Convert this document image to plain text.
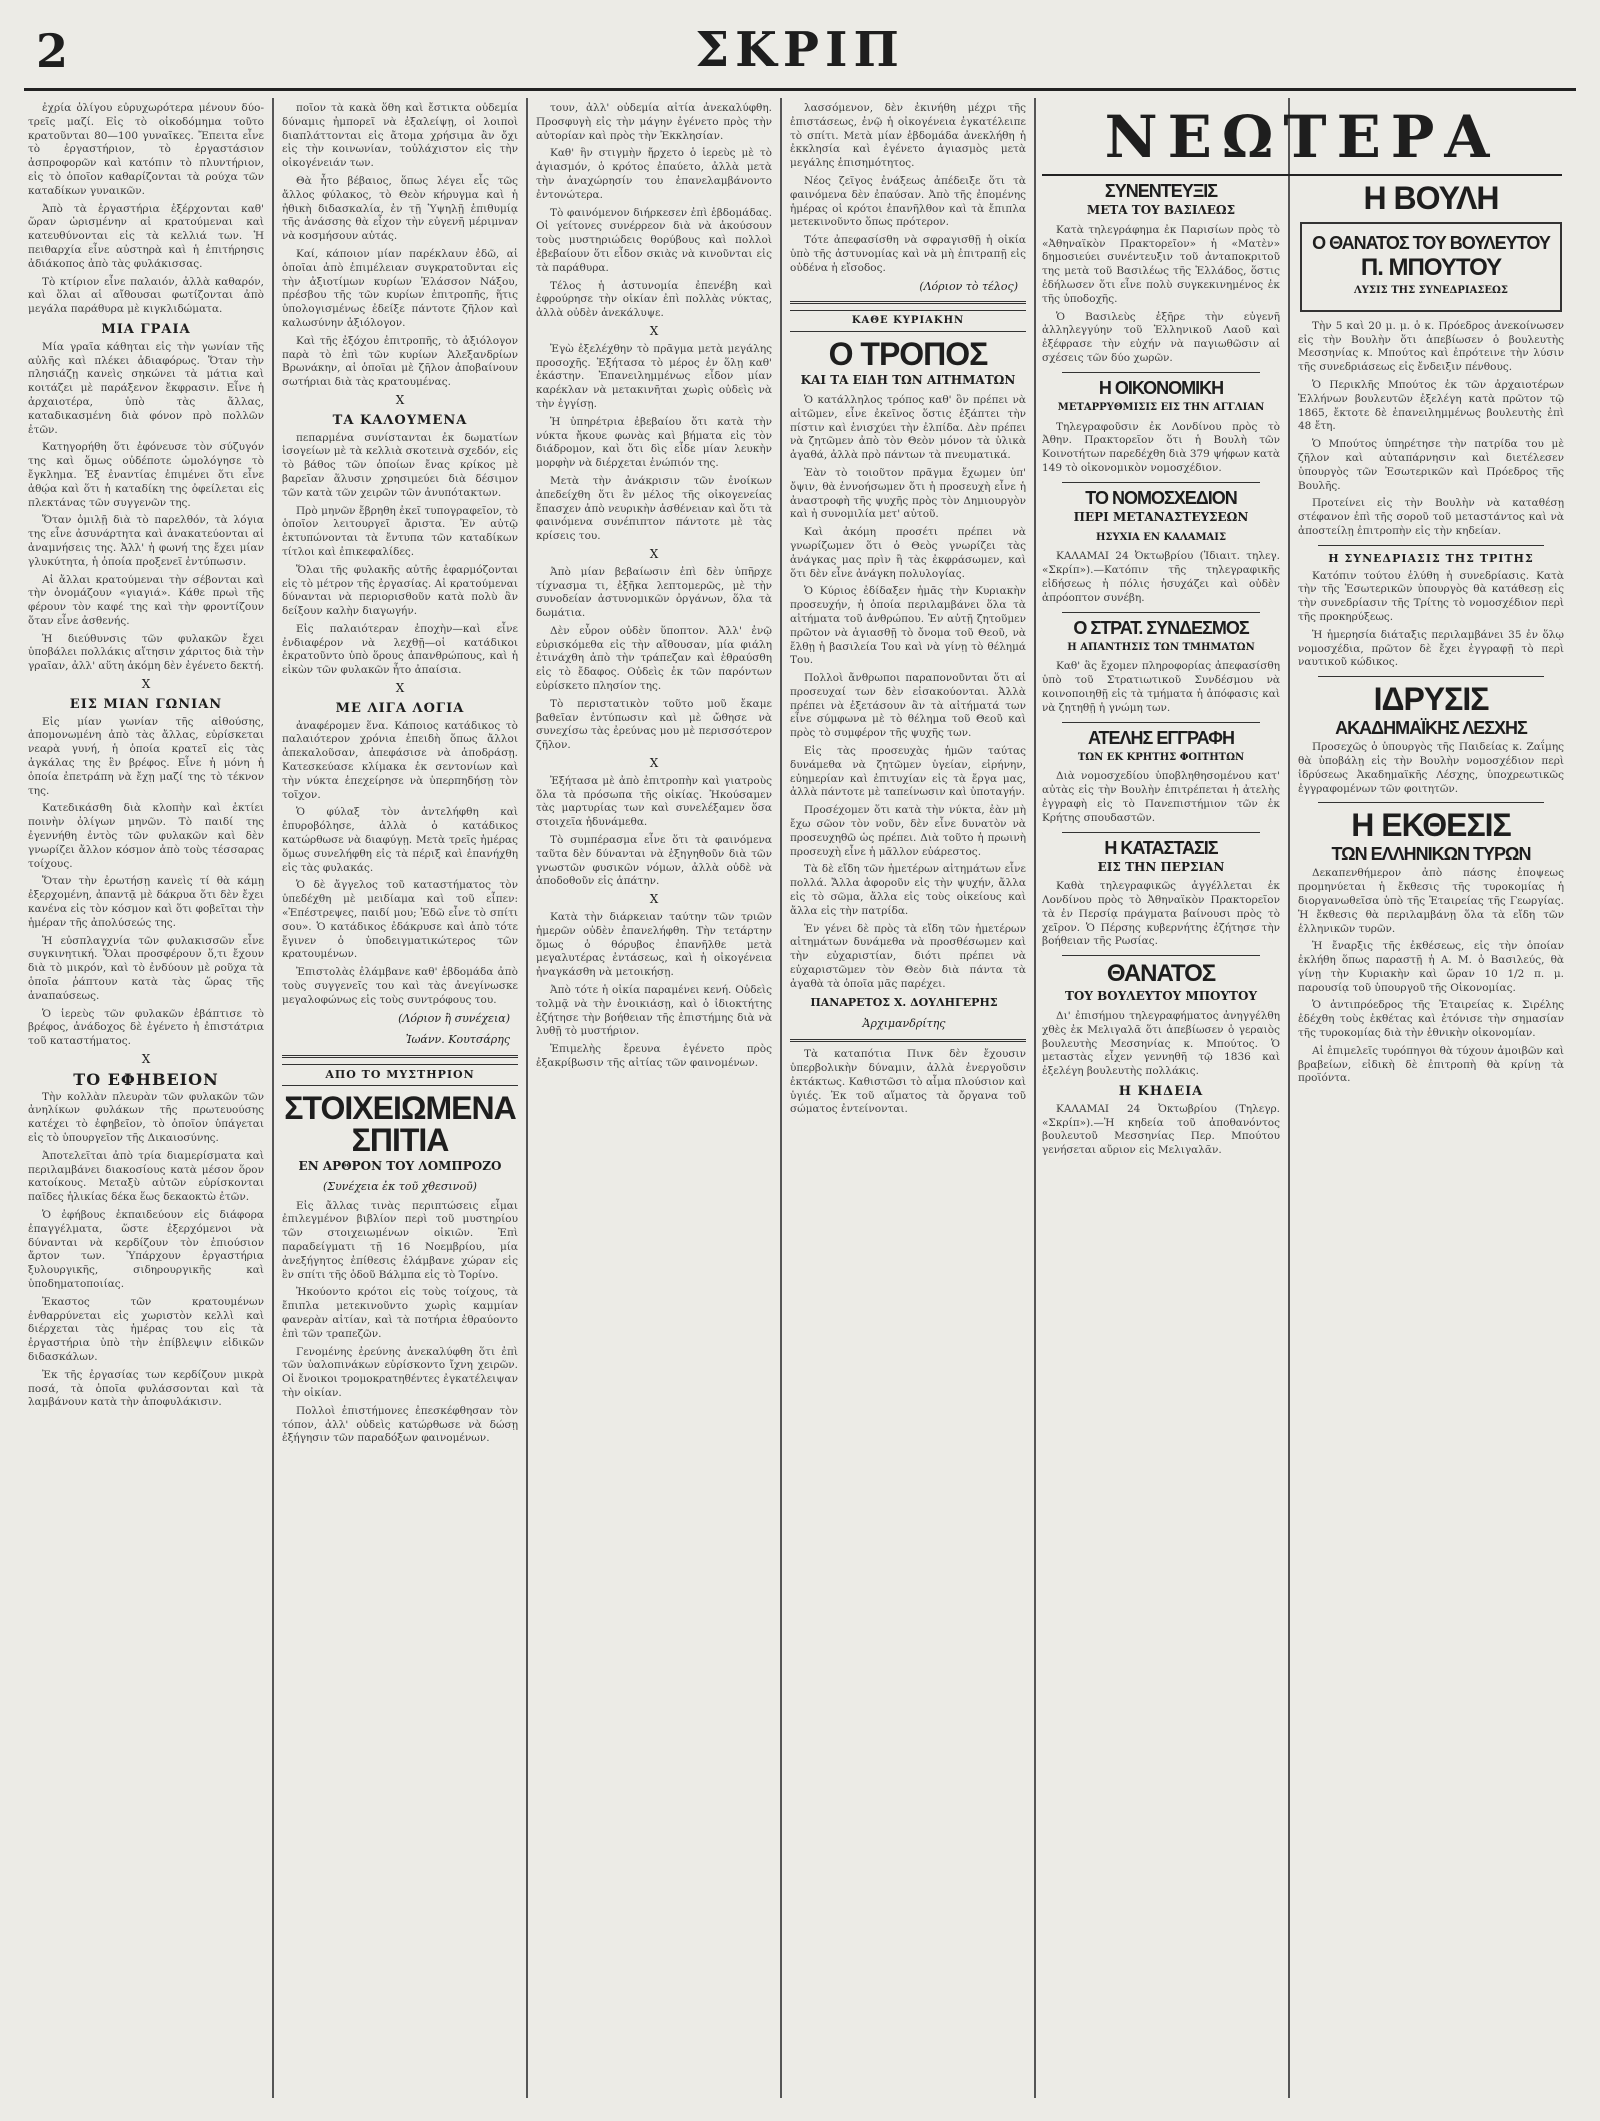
2	ΣΚΡΙΠ

ἐχρία ὀλίγου εὐρυχωρότερα μένουν δύο-τρεῖς μαζί. Εἰς τὸ οἰκοδόμημα τοῦτο κρατοῦνται 80—100 γυναῖκες. Ἔπειτα εἶνε τὸ ἐργαστήριον, τὸ ἐργαστάσιον ἀσπροφορῶν καὶ κατόπιν τὸ πλυντήριον, εἰς τὸ ὁποῖον καθαρίζονται τὰ ρούχα τῶν καταδίκων γυναικῶν.

Ἀπὸ τὰ ἐργαστήρια ἐξέρχονται καθ' ὥραν ὡρισμένην αἱ κρατούμεναι καὶ κατευθύνονται εἰς τὰ κελλιά των. Ἡ πειθαρχία εἶνε αὐστηρὰ καὶ ἡ ἐπιτήρησις ἀδιάκοπος ἀπὸ τὰς φυλάκισσας.

Τὸ κτίριον εἶνε παλαιόν, ἀλλὰ καθαρόν, καὶ ὅλαι αἱ αἴθουσαι φωτίζονται ἀπὸ μεγάλα παράθυρα μὲ κιγκλιδώματα.

ΜΙΑ ΓΡΑΙΑ

Μία γραῖα κάθηται εἰς τὴν γωνίαν τῆς αὐλῆς καὶ πλέκει ἀδιαφόρως. Ὅταν τὴν πλησιάζῃ κανεὶς σηκώνει τὰ μάτια καὶ κοιτάζει μὲ παράξενον ἔκφρασιν. Εἶνε ἡ ἀρχαιοτέρα, ὑπὸ τὰς ἄλλας, καταδικασμένη διὰ φόνον πρὸ πολλῶν ἐτῶν.

Κατηγορήθη ὅτι ἐφόνευσε τὸν σύζυγόν της καὶ ὅμως οὐδέποτε ὡμολόγησε τὸ ἔγκλημα. Ἐξ ἐναντίας ἐπιμένει ὅτι εἶνε ἀθῴα καὶ ὅτι ἡ καταδίκη της ὀφείλεται εἰς πλεκτάνας τῶν συγγενῶν της.

Ὅταν ὁμιλῇ διὰ τὸ παρελθόν, τὰ λόγια της εἶνε ἀσυνάρτητα καὶ ἀνακατεύονται αἱ ἀναμνήσεις της. Ἀλλ' ἡ φωνή της ἔχει μίαν γλυκύτητα, ἡ ὁποία προξενεῖ ἐντύπωσιν.

Αἱ ἄλλαι κρατούμεναι τὴν σέβονται καὶ τὴν ὀνομάζουν «γιαγιά». Κάθε πρωὶ τῆς φέρουν τὸν καφέ της καὶ τὴν φροντίζουν ὅταν εἶνε ἀσθενής.

Ἡ διεύθυνσις τῶν φυλακῶν ἔχει ὑποβάλει πολλάκις αἴτησιν χάριτος διὰ τὴν γραῖαν, ἀλλ' αὕτη ἀκόμη δὲν ἐγένετο δεκτή.

X
ΕΙΣ ΜΙΑΝ ΓΩΝΙΑΝ

Εἰς μίαν γωνίαν τῆς αἰθούσης, ἀπομονωμένη ἀπὸ τὰς ἄλλας, εὑρίσκεται νεαρὰ γυνή, ἡ ὁποία κρατεῖ εἰς τὰς ἀγκάλας της ἓν βρέφος. Εἶνε ἡ μόνη ἡ ὁποία ἐπετράπη νὰ ἔχῃ μαζί της τὸ τέκνον της.

Κατεδικάσθη διὰ κλοπὴν καὶ ἐκτίει ποινὴν ὀλίγων μηνῶν. Τὸ παιδί της ἐγεννήθη ἐντὸς τῶν φυλακῶν καὶ δὲν γνωρίζει ἄλλον κόσμον ἀπὸ τοὺς τέσσαρας τοίχους.

Ὅταν τὴν ἐρωτήσῃ κανεὶς τί θὰ κάμῃ ἐξερχομένη, ἀπαντᾷ μὲ δάκρυα ὅτι δὲν ἔχει κανένα εἰς τὸν κόσμον καὶ ὅτι φοβεῖται τὴν ἡμέραν τῆς ἀπολύσεώς της.

Ἡ εὐσπλαγχνία τῶν φυλακισσῶν εἶνε συγκινητική. Ὅλαι προσφέρουν ὅ,τι ἔχουν διὰ τὸ μικρόν, καὶ τὸ ἐνδύουν μὲ ροῦχα τὰ ὁποῖα ῥάπτουν κατὰ τὰς ὥρας τῆς ἀναπαύσεως.

Ὁ ἱερεὺς τῶν φυλακῶν ἐβάπτισε τὸ βρέφος, ἀνάδοχος δὲ ἐγένετο ἡ ἐπιστάτρια τοῦ καταστήματος.

X
ΤΟ ΕΦΗΒΕΙΟΝ

Τὴν κολλὰν πλευρὰν τῶν φυλακῶν τῶν ἀνηλίκων φυλάκων τῆς πρωτευούσης κατέχει τὸ ἐφηβεῖον, τὸ ὁποῖον ὑπάγεται εἰς τὸ ὑπουργεῖον τῆς Δικαιοσύνης.

Ἀποτελεῖται ἀπὸ τρία διαμερίσματα καὶ περιλαμβάνει διακοσίους κατὰ μέσον ὅρον κατοίκους. Μεταξὺ αὐτῶν εὑρίσκονται παῖδες ἡλικίας δέκα ἕως δεκαοκτὼ ἐτῶν.

Ὁ ἐφήβους ἐκπαιδεύουν εἰς διάφορα ἐπαγγέλματα, ὥστε ἐξερχόμενοι νὰ δύνανται νὰ κερδίζουν τὸν ἐπιούσιον ἄρτον των. Ὑπάρχουν ἐργαστήρια ξυλουργικῆς, σιδηρουργικῆς καὶ ὑποδηματοποιίας.

Ἐκαστος τῶν κρατουμένων ἐνθαρρύνεται εἰς χωριστὸν κελλὶ καὶ διέρχεται τὰς ἡμέρας του εἰς τὰ ἐργαστήρια ὑπὸ τὴν ἐπίβλεψιν εἰδικῶν διδασκάλων.

Ἐκ τῆς ἐργασίας των κερδίζουν μικρὰ ποσά, τὰ ὁποῖα φυλάσσονται καὶ τὰ λαμβάνουν κατὰ τὴν ἀποφυλάκισιν.

ποῖον τὰ κακὰ ὅθη καὶ ἔστικτα οὐδεμία δύναμις ἠμπορεῖ νὰ ἐξαλείψῃ, οἱ λοιποὶ διαπλάττονται εἰς ἄτομα χρήσιμα ἂν ὄχι εἰς τὴν κοινωνίαν, τοὐλάχιστον εἰς τὴν οἰκογένειάν των.

Θὰ ἦτο βέβαιος, ὅπως λέγει εἷς τῶς ἄλλος φύλακος, τὸ Θεὸν κήρυγμα καὶ ἡ ἠθικὴ διδασκαλία, ἐν τῇ Ὑψηλῇ ἐπιθυμίᾳ τῆς ἀνάσσης θὰ εἶχον τὴν εὐγενῆ μέριμναν νὰ κοσμήσουν αὐτάς.

Καί, κάποιον μίαν παρέκλαυν ἐδῶ, αἱ ὁποῖαι ἀπὸ ἐπιμέλειαν συγκρατοῦνται εἰς τὴν ἀξιοτίμων κυρίων Ἐλάσσον Νάξου, πρέσβου τῆς τῶν κυρίων ἐπιτροπῆς, ἥτις ὑπολογισμένως ἐδείξε πάντοτε ζῆλον καὶ καλωσύνην ἀξιόλογον.

Καὶ τῆς ἐξόχου ἐπιτροπῆς, τὸ ἀξιόλογον παρὰ τὸ ἐπὶ τῶν κυρίων Ἀλεξανδρίων Βρωνάκην, αἱ ὁποῖαι μὲ ζῆλον ἀποβαίνουν σωτήριαι διὰ τὰς κρατουμένας.

X
ΤΑ ΚΑΛΟΥΜΕΝΑ

πεπαρμένα συνίστανται ἐκ δωματίων ἰσογείων μὲ τὰ κελλιὰ σκοτεινὰ σχεδόν, εἰς τὸ βάθος τῶν ὁποίων ἔνας κρίκος μὲ βαρεῖαν ἅλυσιν χρησιμεύει διὰ δέσιμον τῶν κατὰ τῶν χειρῶν τῶν ἀνυπότακτων.

Πρὸ μηνῶν ἔβρηθη ἐκεῖ τυπογραφεῖον, τὸ ὁποῖον λειτουργεῖ ἄριστα. Ἐν αὐτῷ ἐκτυπώνονται τὰ ἔντυπα τῶν καταδίκων τίτλοι καὶ ἐπικεφαλίδες.

Ὅλαι τῆς φυλακῆς αὐτῆς ἐφαρμόζονται εἰς τὸ μέτρον τῆς ἐργασίας. Αἱ κρατούμεναι δύνανται νὰ περιορισθοῦν κατὰ πολὺ ἂν δείξουν καλὴν διαγωγήν.

Εἰς παλαιότεραν ἐποχὴν—καὶ εἶνε ἐνδιαφέρον νὰ λεχθῇ—οἱ κατάδικοι ἐκρατοῦντο ὑπὸ ὅρους ἀπανθρώπους, καὶ ἡ εἰκὼν τῶν φυλακῶν ἦτο ἀπαίσια.

X
ΜΕ ΛΙΓΑ ΛΟΓΙΑ

ἀναφέρομεν ἕνα. Κάποιος κατάδικος τὸ παλαιότερον χρόνια ἐπειδὴ ὅπως ἄλλοι ἀπεκαλοῦσαν, ἀπεφάσισε νὰ ἀποδράσῃ. Κατεσκεύασε κλίμακα ἐκ σεντονίων καὶ τὴν νύκτα ἐπεχείρησε νὰ ὑπερπηδήσῃ τὸν τοῖχον.

Ὁ φύλαξ τὸν ἀντελήφθη καὶ ἐπυροβόλησε, ἀλλὰ ὁ κατάδικος κατώρθωσε νὰ διαφύγῃ. Μετὰ τρεῖς ἡμέρας ὅμως συνελήφθη εἰς τὰ πέριξ καὶ ἐπανήχθη εἰς τὰς φυλακάς.

Ὁ δὲ ἄγγελος τοῦ καταστήματος τὸν ὑπεδέχθη μὲ μειδίαμα καὶ τοῦ εἶπεν: «Ἐπέστρεψες, παιδί μου; Ἐδῶ εἶνε τὸ σπίτι σου». Ὁ κατάδικος ἐδάκρυσε καὶ ἀπὸ τότε ἔγινεν ὁ ὑποδειγματικώτερος τῶν κρατουμένων.

Ἐπιστολὰς ἐλάμβανε καθ' ἑβδομάδα ἀπὸ τοὺς συγγενεῖς του καὶ τὰς ἀνεγίνωσκε μεγαλοφώνως εἰς τοὺς συντρόφους του.

(Λόριον ἢ συνέχεια)
Ἰωάνν. Κουτσάρης
ΑΠΟ ΤΟ ΜΥΣΤΗΡΙΟΝ
ΣΤΟΙΧΕΙΩΜΕΝΑ ΣΠΙΤΙΑ
ΕΝ ΑΡΘΡΟΝ ΤΟΥ ΛΟΜΠΡΟΖΟ
(Συνέχεια ἐκ τοῦ χθεσινοῦ)

Εἰς ἄλλας τινὰς περιπτώσεις εἶμαι ἐπιλεγμένον βιβλίον περὶ τοῦ μυστηρίου τῶν στοιχειωμένων οἰκιῶν. Ἐπὶ παραδείγματι τῇ 16 Νοεμβρίου, μία ἀνεξήγητος ἐπίθεσις ἐλάμβανε χώραν εἰς ἓν σπίτι τῆς ὁδοῦ Βάλμπα εἰς τὸ Τορίνο.

Ἠκούοντο κρότοι εἰς τοὺς τοίχους, τὰ ἔπιπλα μετεκινοῦντο χωρὶς καμμίαν φανερὰν αἰτίαν, καὶ τὰ ποτήρια ἐθραύοντο ἐπὶ τῶν τραπεζῶν.

Γενομένης ἐρεύνης ἀνεκαλύφθη ὅτι ἐπὶ τῶν ὑαλοπινάκων εὑρίσκοντο ἴχνη χειρῶν. Οἱ ἔνοικοι τρομοκρατηθέντες ἐγκατέλειψαν τὴν οἰκίαν.

Πολλοὶ ἐπιστήμονες ἐπεσκέφθησαν τὸν τόπον, ἀλλ' οὐδεὶς κατώρθωσε νὰ δώσῃ ἐξήγησιν τῶν παραδόξων φαινομένων.

τουν, ἀλλ' οὐδεμία αἰτία ἀνεκαλύφθη. Προσφυγὴ εἰς τὴν μάγην ἐγένετο πρὸς τὴν αὐτορίαν καὶ πρὸς τὴν Ἐκκλησίαν.

Καθ' ἣν στιγμὴν ἤρχετο ὁ ἱερεὺς μὲ τὸ ἁγιασμόν, ὁ κρότος ἐπαύετο, ἀλλὰ μετὰ τὴν ἀναχώρησίν του ἐπανελαμβάνοντο ἐντονώτερα.

Τὸ φαινόμενον διήρκεσεν ἐπὶ ἑβδομάδας. Οἱ γείτονες συνέρρεον διὰ νὰ ἀκούσουν τοὺς μυστηριώδεις θορύβους καὶ πολλοὶ ἐβεβαίουν ὅτι εἶδον σκιὰς νὰ κινοῦνται εἰς τὰ παράθυρα.

Τέλος ἡ ἀστυνομία ἐπενέβη καὶ ἐφρούρησε τὴν οἰκίαν ἐπὶ πολλὰς νύκτας, ἀλλὰ οὐδὲν ἀνεκάλυψε.

X

Ἐγὼ ἐξελέχθην τὸ πρᾶγμα μετὰ μεγάλης προσοχῆς. Ἐξήτασα τὸ μέρος ἐν ὅλῃ καθ' ἑκάστην. Ἐπανειλημμένως εἶδον μίαν καρέκλαν νὰ μετακινῆται χωρὶς οὐδεὶς νὰ τὴν ἐγγίσῃ.

Ἡ ὑπηρέτρια ἐβεβαίου ὅτι κατὰ τὴν νύκτα ἤκουε φωνὰς καὶ βήματα εἰς τὸν διάδρομον, καὶ ὅτι δὶς εἶδε μίαν λευκὴν μορφὴν νὰ διέρχεται ἐνώπιόν της.

Μετὰ τὴν ἀνάκρισιν τῶν ἐνοίκων ἀπεδείχθη ὅτι ἓν μέλος τῆς οἰκογενείας ἔπασχεν ἀπὸ νευρικὴν ἀσθένειαν καὶ ὅτι τὰ φαινόμενα συνέπιπτον πάντοτε μὲ τὰς κρίσεις του.

X

Ἀπὸ μίαν βεβαίωσιν ἐπὶ δὲν ὑπῆρχε τίχνασμα τι, ἐξῆκα λεπτομερῶς, μὲ τὴν συνοδείαν ἀστυνομικῶν ὀργάνων, ὅλα τὰ δωμάτια.

Δὲν εὗρον οὐδὲν ὕποπτον. Ἀλλ' ἐνῷ εὑρισκόμεθα εἰς τὴν αἴθουσαν, μία φιάλη ἐτινάχθη ἀπὸ τὴν τράπεζαν καὶ ἐθραύσθη εἰς τὸ ἔδαφος. Οὐδεὶς ἐκ τῶν παρόντων εὑρίσκετο πλησίον της.

Τὸ περιστατικὸν τοῦτο μοῦ ἔκαμε βαθεῖαν ἐντύπωσιν καὶ μὲ ὤθησε νὰ συνεχίσω τὰς ἐρεύνας μου μὲ περισσότερον ζῆλον.

X

Ἐξήτασα μὲ ἀπὸ ἐπιτροπὴν καὶ γιατροὺς ὅλα τὰ πρόσωπα τῆς οἰκίας. Ἠκούσαμεν τὰς μαρτυρίας των καὶ συνελέξαμεν ὅσα στοιχεῖα ἠδυνάμεθα.

Τὸ συμπέρασμα εἶνε ὅτι τὰ φαινόμενα ταῦτα δὲν δύνανται νὰ ἐξηγηθοῦν διὰ τῶν γνωστῶν φυσικῶν νόμων, ἀλλὰ οὐδὲ νὰ ἀποδοθοῦν εἰς ἀπάτην.

X

Κατὰ τὴν διάρκειαν ταύτην τῶν τριῶν ἡμερῶν οὐδὲν ἐπανελήφθη. Τὴν τετάρτην ὅμως ὁ θόρυβος ἐπανῆλθε μετὰ μεγαλυτέρας ἐντάσεως, καὶ ἡ οἰκογένεια ἠναγκάσθη νὰ μετοικήσῃ.

Ἀπὸ τότε ἡ οἰκία παραμένει κενή. Οὐδεὶς τολμᾷ νὰ τὴν ἐνοικιάσῃ, καὶ ὁ ἰδιοκτήτης ἐζήτησε τὴν βοήθειαν τῆς ἐπιστήμης διὰ νὰ λυθῇ τὸ μυστήριον.

Ἐπιμελὴς ἔρευνα ἐγένετο πρὸς ἐξακρίβωσιν τῆς αἰτίας τῶν φαινομένων.

λασσόμενον, δὲν ἐκινήθη μέχρι τῆς ἐπιστάσεως, ἐνῷ ἡ οἰκογένεια ἐγκατέλειπε τὸ σπίτι. Μετὰ μίαν ἑβδομάδα ἀνεκλήθη ἡ ἐκκλησία καὶ ἐγένετο ἁγιασμὸς μετὰ μεγάλης ἐπισημότητος.

Νέος ζεῖγος ἐνάξεως ἀπέδειξε ὅτι τὰ φαινόμενα δὲν ἐπαύσαν. Ἀπὸ τῆς ἐπομένης ἡμέρας οἱ κρότοι ἐπανῆλθον καὶ τὰ ἔπιπλα μετεκινοῦντο ὅπως πρότερον.

Τότε ἀπεφασίσθη νὰ σφραγισθῇ ἡ οἰκία ὑπὸ τῆς ἀστυνομίας καὶ νὰ μὴ ἐπιτραπῇ εἰς οὐδένα ἡ εἴσοδος.

(Λόριον τὸ τέλος)
ΚΑΘΕ ΚΥΡΙΑΚΗΝ
Ο ΤΡΟΠΟΣ
ΚΑΙ ΤΑ ΕΙΔΗ ΤΩΝ ΑΙΤΗΜΑΤΩΝ

Ὁ κατάλληλος τρόπος καθ' ὃν πρέπει νὰ αἰτῶμεν, εἶνε ἐκεῖνος ὅστις ἐξάπτει τὴν πίστιν καὶ ἐνισχύει τὴν ἐλπίδα. Δὲν πρέπει νὰ ζητῶμεν ἀπὸ τὸν Θεὸν μόνον τὰ ὑλικὰ ἀγαθά, ἀλλὰ πρὸ πάντων τὰ πνευματικά.

Ἐὰν τὸ τοιοῦτον πρᾶγμα ἔχωμεν ὑπ' ὄψιν, θὰ ἐννοήσωμεν ὅτι ἡ προσευχὴ εἶνε ἡ ἀναστροφὴ τῆς ψυχῆς πρὸς τὸν Δημιουργὸν καὶ ἡ συνομιλία μετ' αὐτοῦ.

Καὶ ἀκόμη προσέτι πρέπει νὰ γνωρίζωμεν ὅτι ὁ Θεὸς γνωρίζει τὰς ἀνάγκας μας πρὶν ἢ τὰς ἐκφράσωμεν, καὶ ὅτι δὲν εἶνε ἀνάγκη πολυλογίας.

Ὁ Κύριος ἐδίδαξεν ἡμᾶς τὴν Κυριακὴν προσευχήν, ἡ ὁποία περιλαμβάνει ὅλα τὰ αἰτήματα τοῦ ἀνθρώπου. Ἐν αὐτῇ ζητοῦμεν πρῶτον νὰ ἁγιασθῇ τὸ ὄνομα τοῦ Θεοῦ, νὰ ἔλθῃ ἡ βασιλεία Του καὶ νὰ γίνῃ τὸ θέλημά Του.

Πολλοὶ ἄνθρωποι παραπονοῦνται ὅτι αἱ προσευχαί των δὲν εἰσακούονται. Ἀλλὰ πρέπει νὰ ἐξετάσουν ἂν τὰ αἰτήματά των εἶνε σύμφωνα μὲ τὸ θέλημα τοῦ Θεοῦ καὶ πρὸς τὸ συμφέρον τῆς ψυχῆς των.

Εἰς τὰς προσευχὰς ἡμῶν ταύτας δυνάμεθα νὰ ζητῶμεν ὑγείαν, εἰρήνην, εὐημερίαν καὶ ἐπιτυχίαν εἰς τὰ ἔργα μας, ἀλλὰ πάντοτε μὲ ταπείνωσιν καὶ ὑποταγήν.

Προσέχομεν ὅτι κατὰ τὴν νύκτα, ἐὰν μὴ ἔχω σῶον τὸν νοῦν, δὲν εἶνε δυνατὸν νὰ προσευχηθῶ ὡς πρέπει. Διὰ τοῦτο ἡ πρωινὴ προσευχὴ εἶνε ἡ μᾶλλον εὐάρεστος.

Τὰ δὲ εἴδη τῶν ἡμετέρων αἰτημάτων εἶνε πολλά. Ἄλλα ἀφοροῦν εἰς τὴν ψυχήν, ἄλλα εἰς τὸ σῶμα, ἄλλα εἰς τοὺς οἰκείους καὶ ἄλλα εἰς τὴν πατρίδα.

Ἐν γένει δὲ πρὸς τὰ εἴδη τῶν ἡμετέρων αἰτημάτων δυνάμεθα νὰ προσθέσωμεν καὶ τὴν εὐχαριστίαν, διότι πρέπει νὰ εὐχαριστῶμεν τὸν Θεὸν διὰ πάντα τὰ ἀγαθὰ τὰ ὁποῖα μᾶς παρέχει.

ΠΑΝΑΡΕΤΟΣ Χ. ΔΟΥΛΗΓΕΡΗΣ
Ἀρχιμανδρίτης

Τὰ καταπότια Πινκ δὲν ἔχουσιν ὑπερβολικὴν δύναμιν, ἀλλὰ ἐνεργοῦσιν ἐκτάκτως. Καθιστῶσι τὸ αἷμα πλούσιον καὶ ὑγιές. Ἐκ τοῦ αἵματος τὰ ὄργανα τοῦ σώματος ἐντείνονται.

ΝΕΩΤΕΡΑ
ΣΥΝΕΝΤΕΥΞΙΣ
ΜΕΤΑ ΤΟΥ ΒΑΣΙΛΕΩΣ

Κατὰ τηλεγράφημα ἐκ Παρισίων πρὸς τὸ «Ἀθηναϊκὸν Πρακτορεῖον» ἡ «Ματὲν» δημοσιεύει συνέντευξιν τοῦ ἀνταποκριτοῦ της μετὰ τοῦ Βασιλέως τῆς Ἑλλάδος, ὅστις ἐδήλωσεν ὅτι εἶνε πολὺ συγκεκινημένος ἐκ τῆς ὑποδοχῆς.

Ὁ Βασιλεὺς ἐξῆρε τὴν εὐγενῆ ἀλληλεγγύην τοῦ Ἑλληνικοῦ Λαοῦ καὶ ἐξέφρασε τὴν εὐχήν νὰ παγιωθῶσιν αἱ σχέσεις τῶν δύο χωρῶν.

Η ΟΙΚΟΝΟΜΙΚΗ
ΜΕΤΑΡΡΥΘΜΙΣΙΣ ΕΙΣ ΤΗΝ ΑΓΓΛΙΑΝ

Τηλεγραφοῦσιν ἐκ Λονδίνου πρὸς τὸ Ἀθην. Πρακτορεῖον ὅτι ἡ Βουλὴ τῶν Κοινοτήτων παρεδέχθη διὰ 379 ψήφων κατὰ 149 τὸ οἰκονομικὸν νομοσχέδιον.

ΤΟ ΝΟΜΟΣΧΕΔΙΟΝ
ΠΕΡΙ ΜΕΤΑΝΑΣΤΕΥΣΕΩΝ
ΗΣΥΧΙΑ ΕΝ ΚΑΛΑΜΑΙΣ

ΚΑΛΑΜΑΙ 24 Ὀκτωβρίου (Ἰδιαιτ. τηλεγ. «Σκρίπ»).—Κατόπιν τῆς τηλεγραφικῆς εἰδήσεως ἡ πόλις ἠσυχάζει καὶ οὐδὲν ἀπρόοπτον συνέβη.

Ο ΣΤΡΑΤ. ΣΥΝΔΕΣΜΟΣ
Η ΑΠΑΝΤΗΣΙΣ ΤΩΝ ΤΜΗΜΑΤΩΝ

Καθ' ἃς ἔχομεν πληροφορίας ἀπεφασίσθη ὑπὸ τοῦ Στρατιωτικοῦ Συνδέσμου νὰ κοινοποιηθῇ εἰς τὰ τμήματα ἡ ἀπόφασις καὶ νὰ ζητηθῇ ἡ γνώμη των.

ΑΤΕΛΗΣ ΕΓΓΡΑΦΗ
ΤΩΝ ΕΚ ΚΡΗΤΗΣ ΦΟΙΤΗΤΩΝ

Διὰ νομοσχεδίου ὑποβληθησομένου κατ' αὐτὰς εἰς τὴν Βουλὴν ἐπιτρέπεται ἡ ἀτελὴς ἐγγραφὴ εἰς τὸ Πανεπιστήμιον τῶν ἐκ Κρήτης σπουδαστῶν.

Η ΚΑΤΑΣΤΑΣΙΣ
ΕΙΣ ΤΗΝ ΠΕΡΣΙΑΝ

Καθὰ τηλεγραφικῶς ἀγγέλλεται ἐκ Λονδίνου πρὸς τὸ Ἀθηναϊκὸν Πρακτορεῖον τὰ ἐν Περσίᾳ πράγματα βαίνουσι πρὸς τὸ χεῖρον. Ὁ Πέρσης κυβερνήτης ἐζήτησε τὴν βοήθειαν τῆς Ρωσίας.

ΘΑΝΑΤΟΣ
ΤΟΥ ΒΟΥΛΕΥΤΟΥ ΜΠΟΥΤΟΥ

Δι' ἐπισήμου τηλεγραφήματος ἀνηγγέλθη χθὲς ἐκ Μελιγαλᾶ ὅτι ἀπεβίωσεν ὁ γεραιὸς βουλευτὴς Μεσσηνίας κ. Μπούτος. Ὁ μεταστὰς εἶχεν γεννηθῆ τῷ 1836 καὶ ἐξελέγη βουλευτὴς πολλάκις.

Η ΚΗΔΕΙΑ

ΚΑΛΑΜΑΙ 24 Ὀκτωβρίου (Τηλεγρ. «Σκρίπ»).—Ἡ κηδεία τοῦ ἀποθανόντος βουλευτοῦ Μεσσηνίας Περ. Μπούτου γενήσεται αὔριον εἰς Μελιγαλᾶν.

Η ΒΟΥΛΗ
Ο ΘΑΝΑΤΟΣ ΤΟΥ ΒΟΥΛΕΥΤΟΥ
Π. ΜΠΟΥΤΟΥ
ΛΥΣΙΣ ΤΗΣ ΣΥΝΕΔΡΙΑΣΕΩΣ

Τὴν 5 καὶ 20 μ. μ. ὁ κ. Πρόεδρος ἀνεκοίνωσεν εἰς τὴν Βουλὴν ὅτι ἀπεβίωσεν ὁ βουλευτὴς Μεσσηνίας κ. Μπούτος καὶ ἐπρότεινε τὴν λύσιν τῆς συνεδριάσεως εἰς ἔνδειξιν πένθους.

Ὁ Περικλῆς Μπούτος ἐκ τῶν ἀρχαιοτέρων Ἑλλήνων βουλευτῶν ἐξελέγη κατὰ πρῶτον τῷ 1865, ἔκτοτε δὲ ἐπανειλημμένως βουλευτὴς ἐπὶ 48 ἔτη.

Ὁ Μπούτος ὑπηρέτησε τὴν πατρίδα του μὲ ζῆλον καὶ αὐταπάρνησιν καὶ διετέλεσεν ὑπουργὸς τῶν Ἐσωτερικῶν καὶ Πρόεδρος τῆς Βουλῆς.

Προτείνει εἰς τὴν Βουλὴν νὰ καταθέσῃ στέφανον ἐπὶ τῆς σοροῦ τοῦ μεταστάντος καὶ νὰ ἀποστείλῃ ἐπιτροπὴν εἰς τὴν κηδείαν.

Η ΣΥΝΕΔΡΙΑΣΙΣ ΤΗΣ ΤΡΙΤΗΣ

Κατόπιν τούτου ἐλύθη ἡ συνεδρίασις. Κατὰ τὴν τῆς Ἐσωτερικῶν ὑπουργὸς θὰ κατάθεσῃ εἰς τὴν συνεδρίασιν τῆς Τρίτης τὸ νομοσχέδιον περὶ τῆς προκηρύξεως.

Ἡ ἡμερησία διάταξις περιλαμβάνει 35 ἐν ὅλῳ νομοσχέδια, πρῶτον δὲ ἔχει ἐγγραφῇ τὸ περὶ ναυτικοῦ κώδικος.

ΙΔΡΥΣΙΣ
ΑΚΑΔΗΜΑΪΚΗΣ ΛΕΣΧΗΣ

Προσεχῶς ὁ ὑπουργὸς τῆς Παιδείας κ. Ζαΐμης θὰ ὑποβάλῃ εἰς τὴν Βουλὴν νομοσχέδιον περὶ ἱδρύσεως Ἀκαδημαϊκῆς Λέσχης, ὑποχρεωτικῶς ἐγγραφομένων τῶν φοιτητῶν.

Η ΕΚΘΕΣΙΣ
ΤΩΝ ΕΛΛΗΝΙΚΩΝ ΤΥΡΩΝ

Δεκαπενθήμερον ἀπὸ πάσης ἐποψεως προμηνύεται ἡ ἔκθεσις τῆς τυροκομίας ἡ διοργανωθεῖσα ὑπὸ τῆς Ἑταιρείας τῆς Γεωργίας. Ἡ ἔκθεσις θὰ περιλαμβάνῃ ὅλα τὰ εἴδη τῶν ἑλληνικῶν τυρῶν.

Ἡ ἔναρξις τῆς ἐκθέσεως, εἰς τὴν ὁποίαν ἐκλήθη ὅπως παραστῇ ἡ Α. Μ. ὁ Βασιλεύς, θὰ γίνῃ τὴν Κυριακὴν καὶ ὥραν 10 1/2 π. μ. παρουσίᾳ τοῦ ὑπουργοῦ τῆς Οἰκονομίας.

Ὁ ἀντιπρόεδρος τῆς Ἑταιρείας κ. Σιρέλης ἐδέχθη τοὺς ἐκθέτας καὶ ἐτόνισε τὴν σημασίαν τῆς τυροκομίας διὰ τὴν ἐθνικὴν οἰκονομίαν.

Αἱ ἐπιμελεῖς τυρόπηγοι θὰ τύχουν ἀμοιβῶν καὶ βραβείων, εἰδικὴ δὲ ἐπιτροπὴ θὰ κρίνῃ τὰ προϊόντα.
